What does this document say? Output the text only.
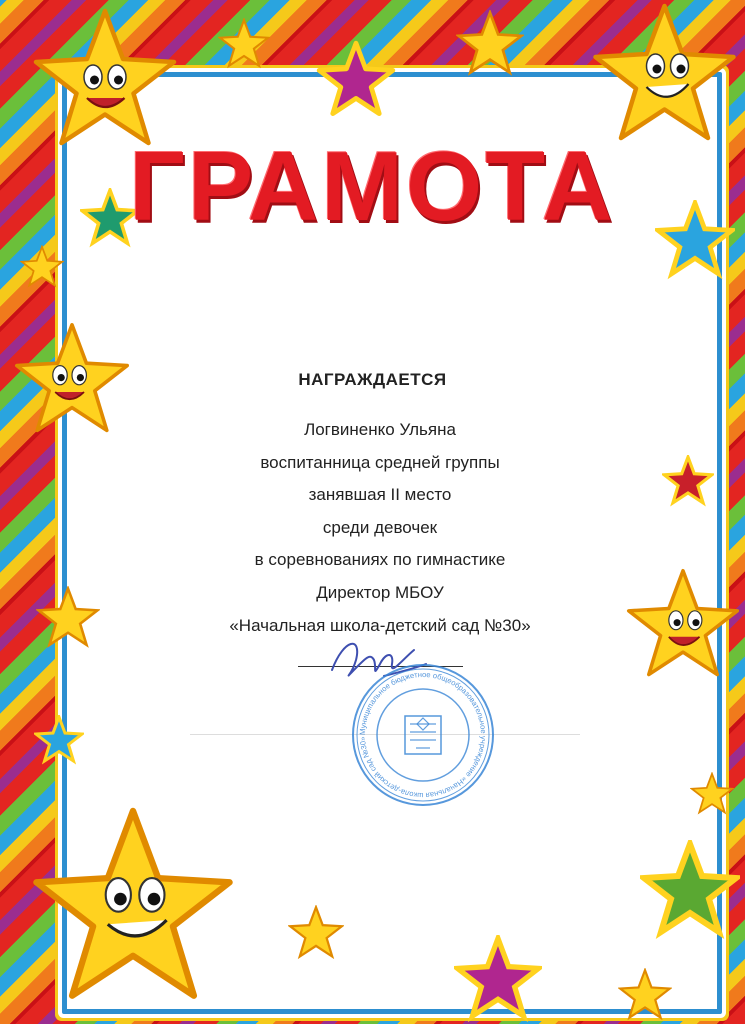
ГРАМОТА
НАГРАЖДАЕТСЯ
Логвиненко Ульяна
воспитанница средней группы
занявшая II место
среди девочек
в соревнованиях по гимнастике
Директор МБОУ
«Начальная школа-детский сад №30»
Муниципальное бюджетное общеобразовательное учреждение «Начальная школа-детский сад №30»
